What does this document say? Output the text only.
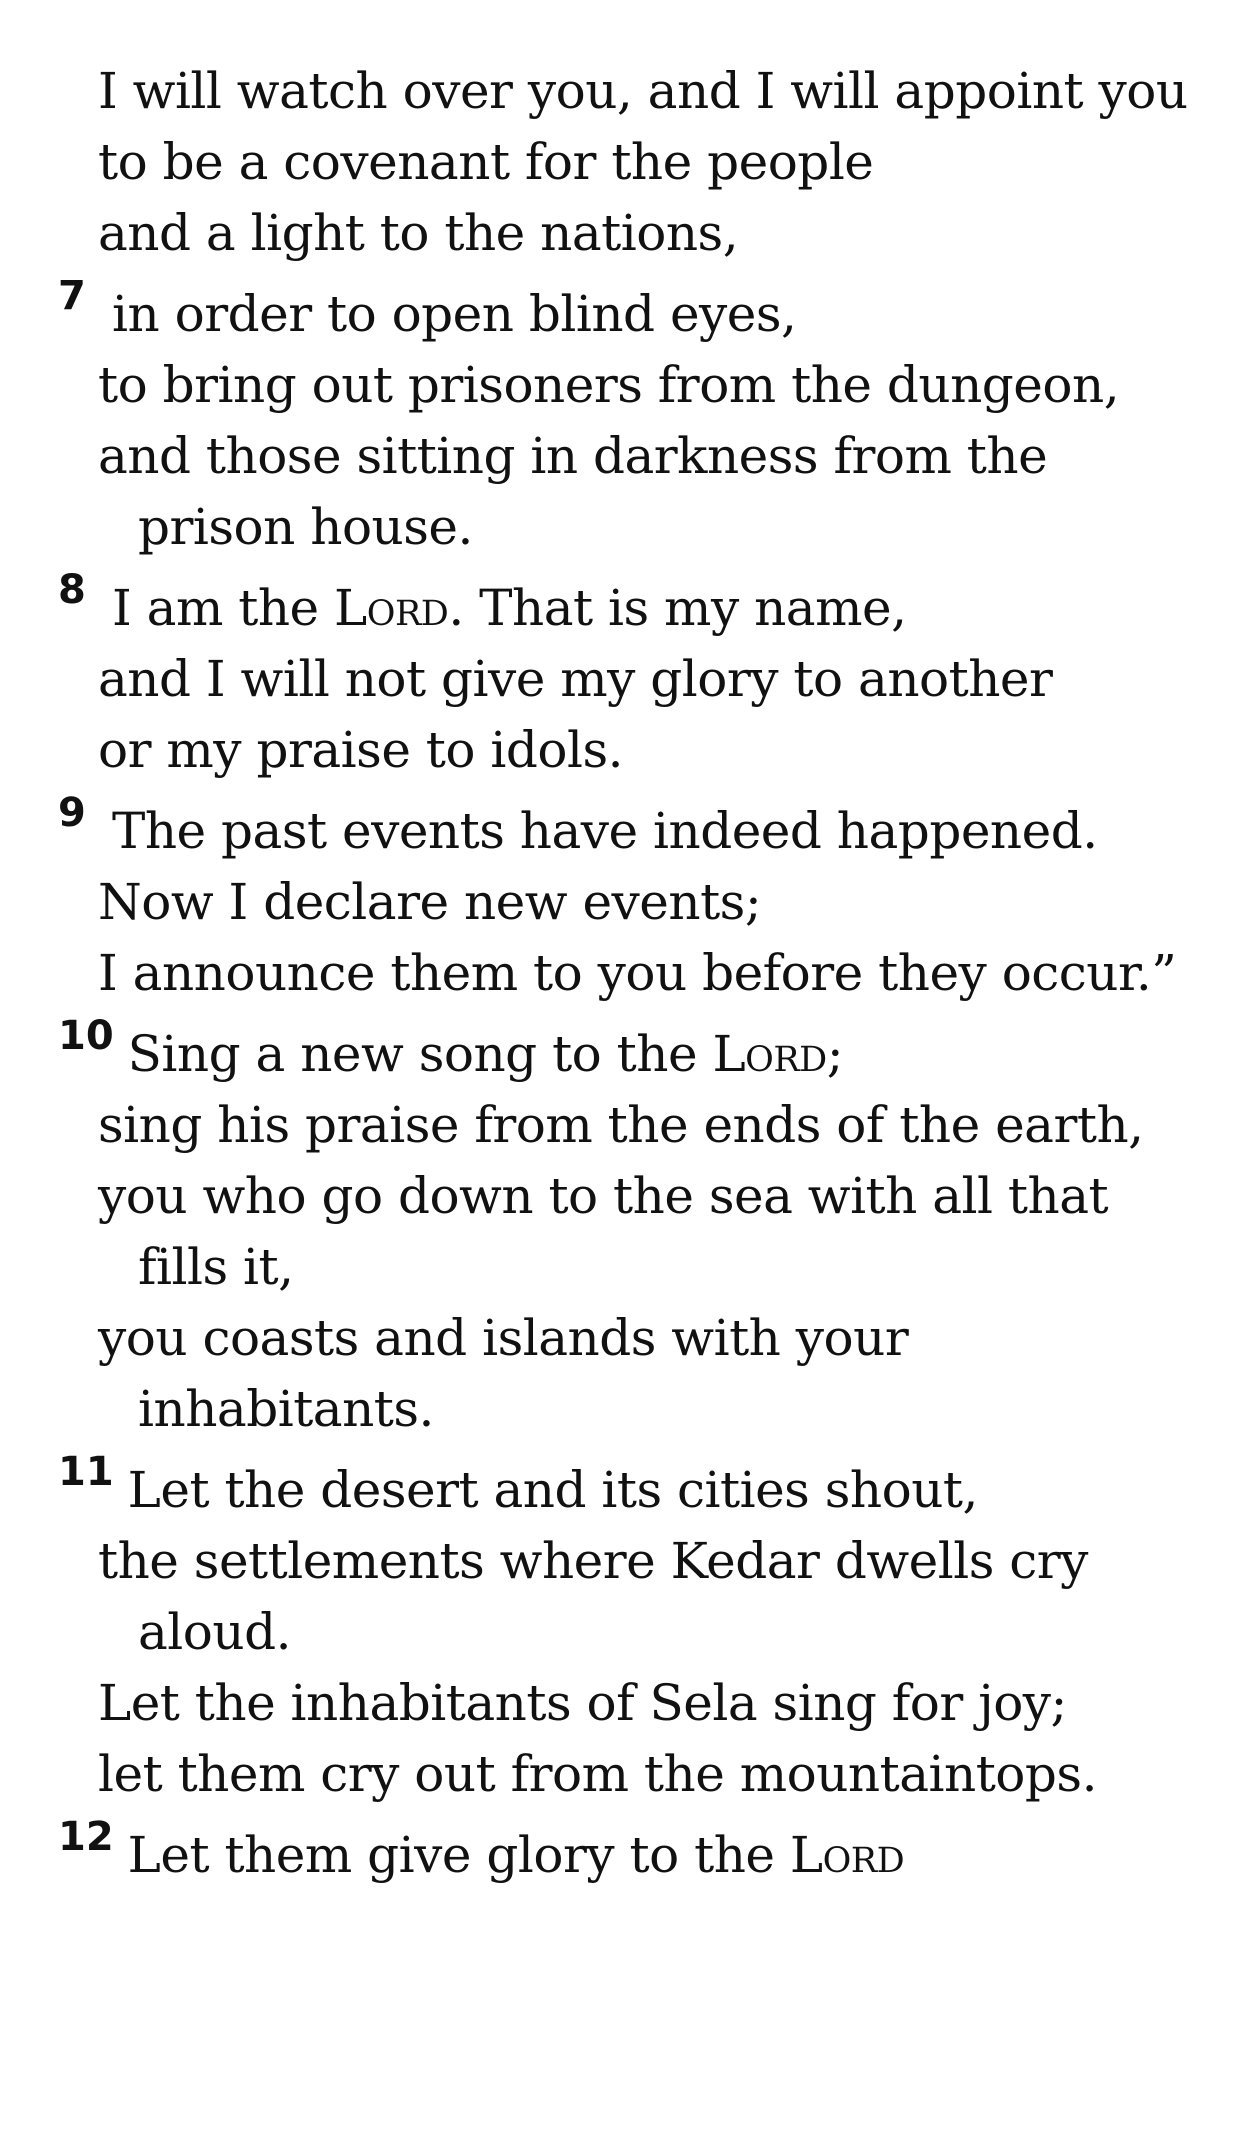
I will watch over you, and I will appoint you
to be a covenant for the people
and a light to the nations,
7 in order to open blind eyes,
to bring out prisoners from the dungeon,
and those sitting in darkness from the prison house.
8 I am the Lord. That is my name,
and I will not give my glory to another
or my praise to idols.
9 The past events have indeed happened.
Now I declare new events;
I announce them to you before they occur.”
10 Sing a new song to the Lord;
sing his praise from the ends of the earth,
you who go down to the sea with all that fills it,
you coasts and islands with your inhabitants.
11 Let the desert and its cities shout,
the settlements where Kedar dwells cry aloud.
Let the inhabitants of Sela sing for joy;
let them cry out from the mountaintops.
12 Let them give glory to the Lord
